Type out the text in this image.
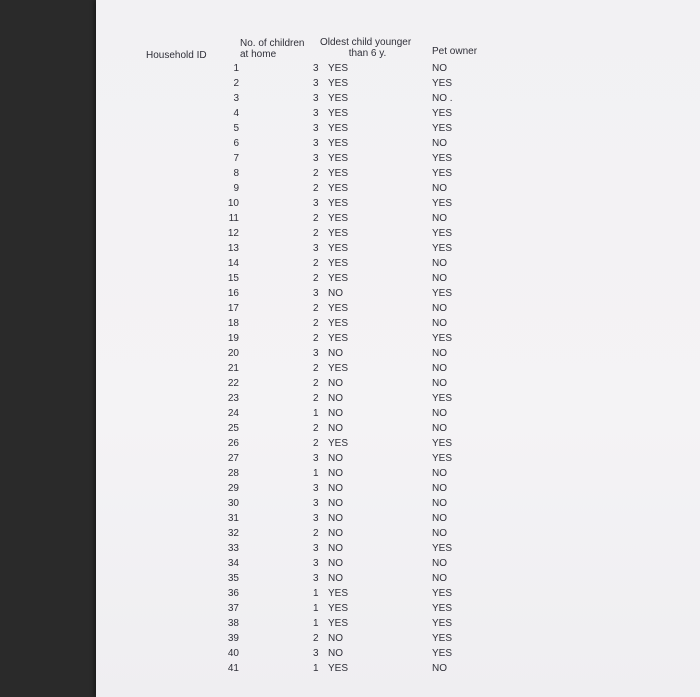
Household ID
No. of children
at home
Oldest child younger
than 6 y.	Pet owner
1	3 YES	NO
2	3 YES	YES
3	3 YES	NO .
4	3 YES	YES
5	3 YES	YES
6	3 YES	NO
7	3 YES	YES
8	2 YES	YES
9	2 YES	NO
10	3 YES	YES
11	2 YES	NO
12	2 YES	YES
13	3 YES	YES
14	2 YES	NO
15	2 YES	NO
16	3 NO	YES
17	2 YES	NO
18	2 YES	NO
19	2 YES	YES
20	3 NO	NO
21	2 YES	NO
22	2 NO	NO
23	2 NO	YES
24	1 NO	NO
25	2 NO	NO
26	2 YES	YES
27	3 NO	YES
28	1 NO	NO
29	3 NO	NO
30	3 NO	NO
31	3 NO	NO
32	2 NO	NO
33	3 NO	YES
34	3 NO	NO
35	3 NO	NO
36	1 YES	YES
37	1 YES	YES
38	1 YES	YES
39	2 NO	YES
40	3 NO	YES
41	1 YES	NO
